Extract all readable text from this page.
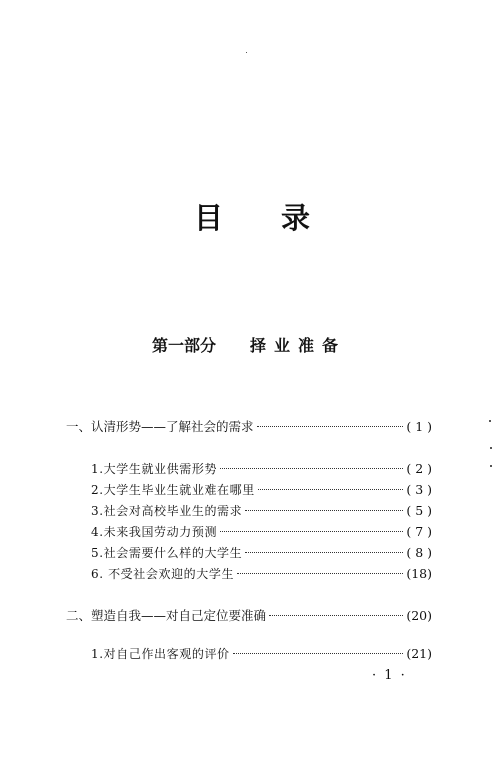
目 录
第一部分 择业准备
一、认清形势——了解社会的需求	( 1 )
1.大学生就业供需形势	( 2 )
2.大学生毕业生就业难在哪里	( 3 )
3.社会对高校毕业生的需求	( 5 )
4.未来我国劳动力预测	( 7 )
5.社会需要什么样的大学生	( 8 )
6. 不受社会欢迎的大学生	(18)
二、塑造自我——对自己定位要准确	(20)
1.对自己作出客观的评价	(21)
· 1 ·
